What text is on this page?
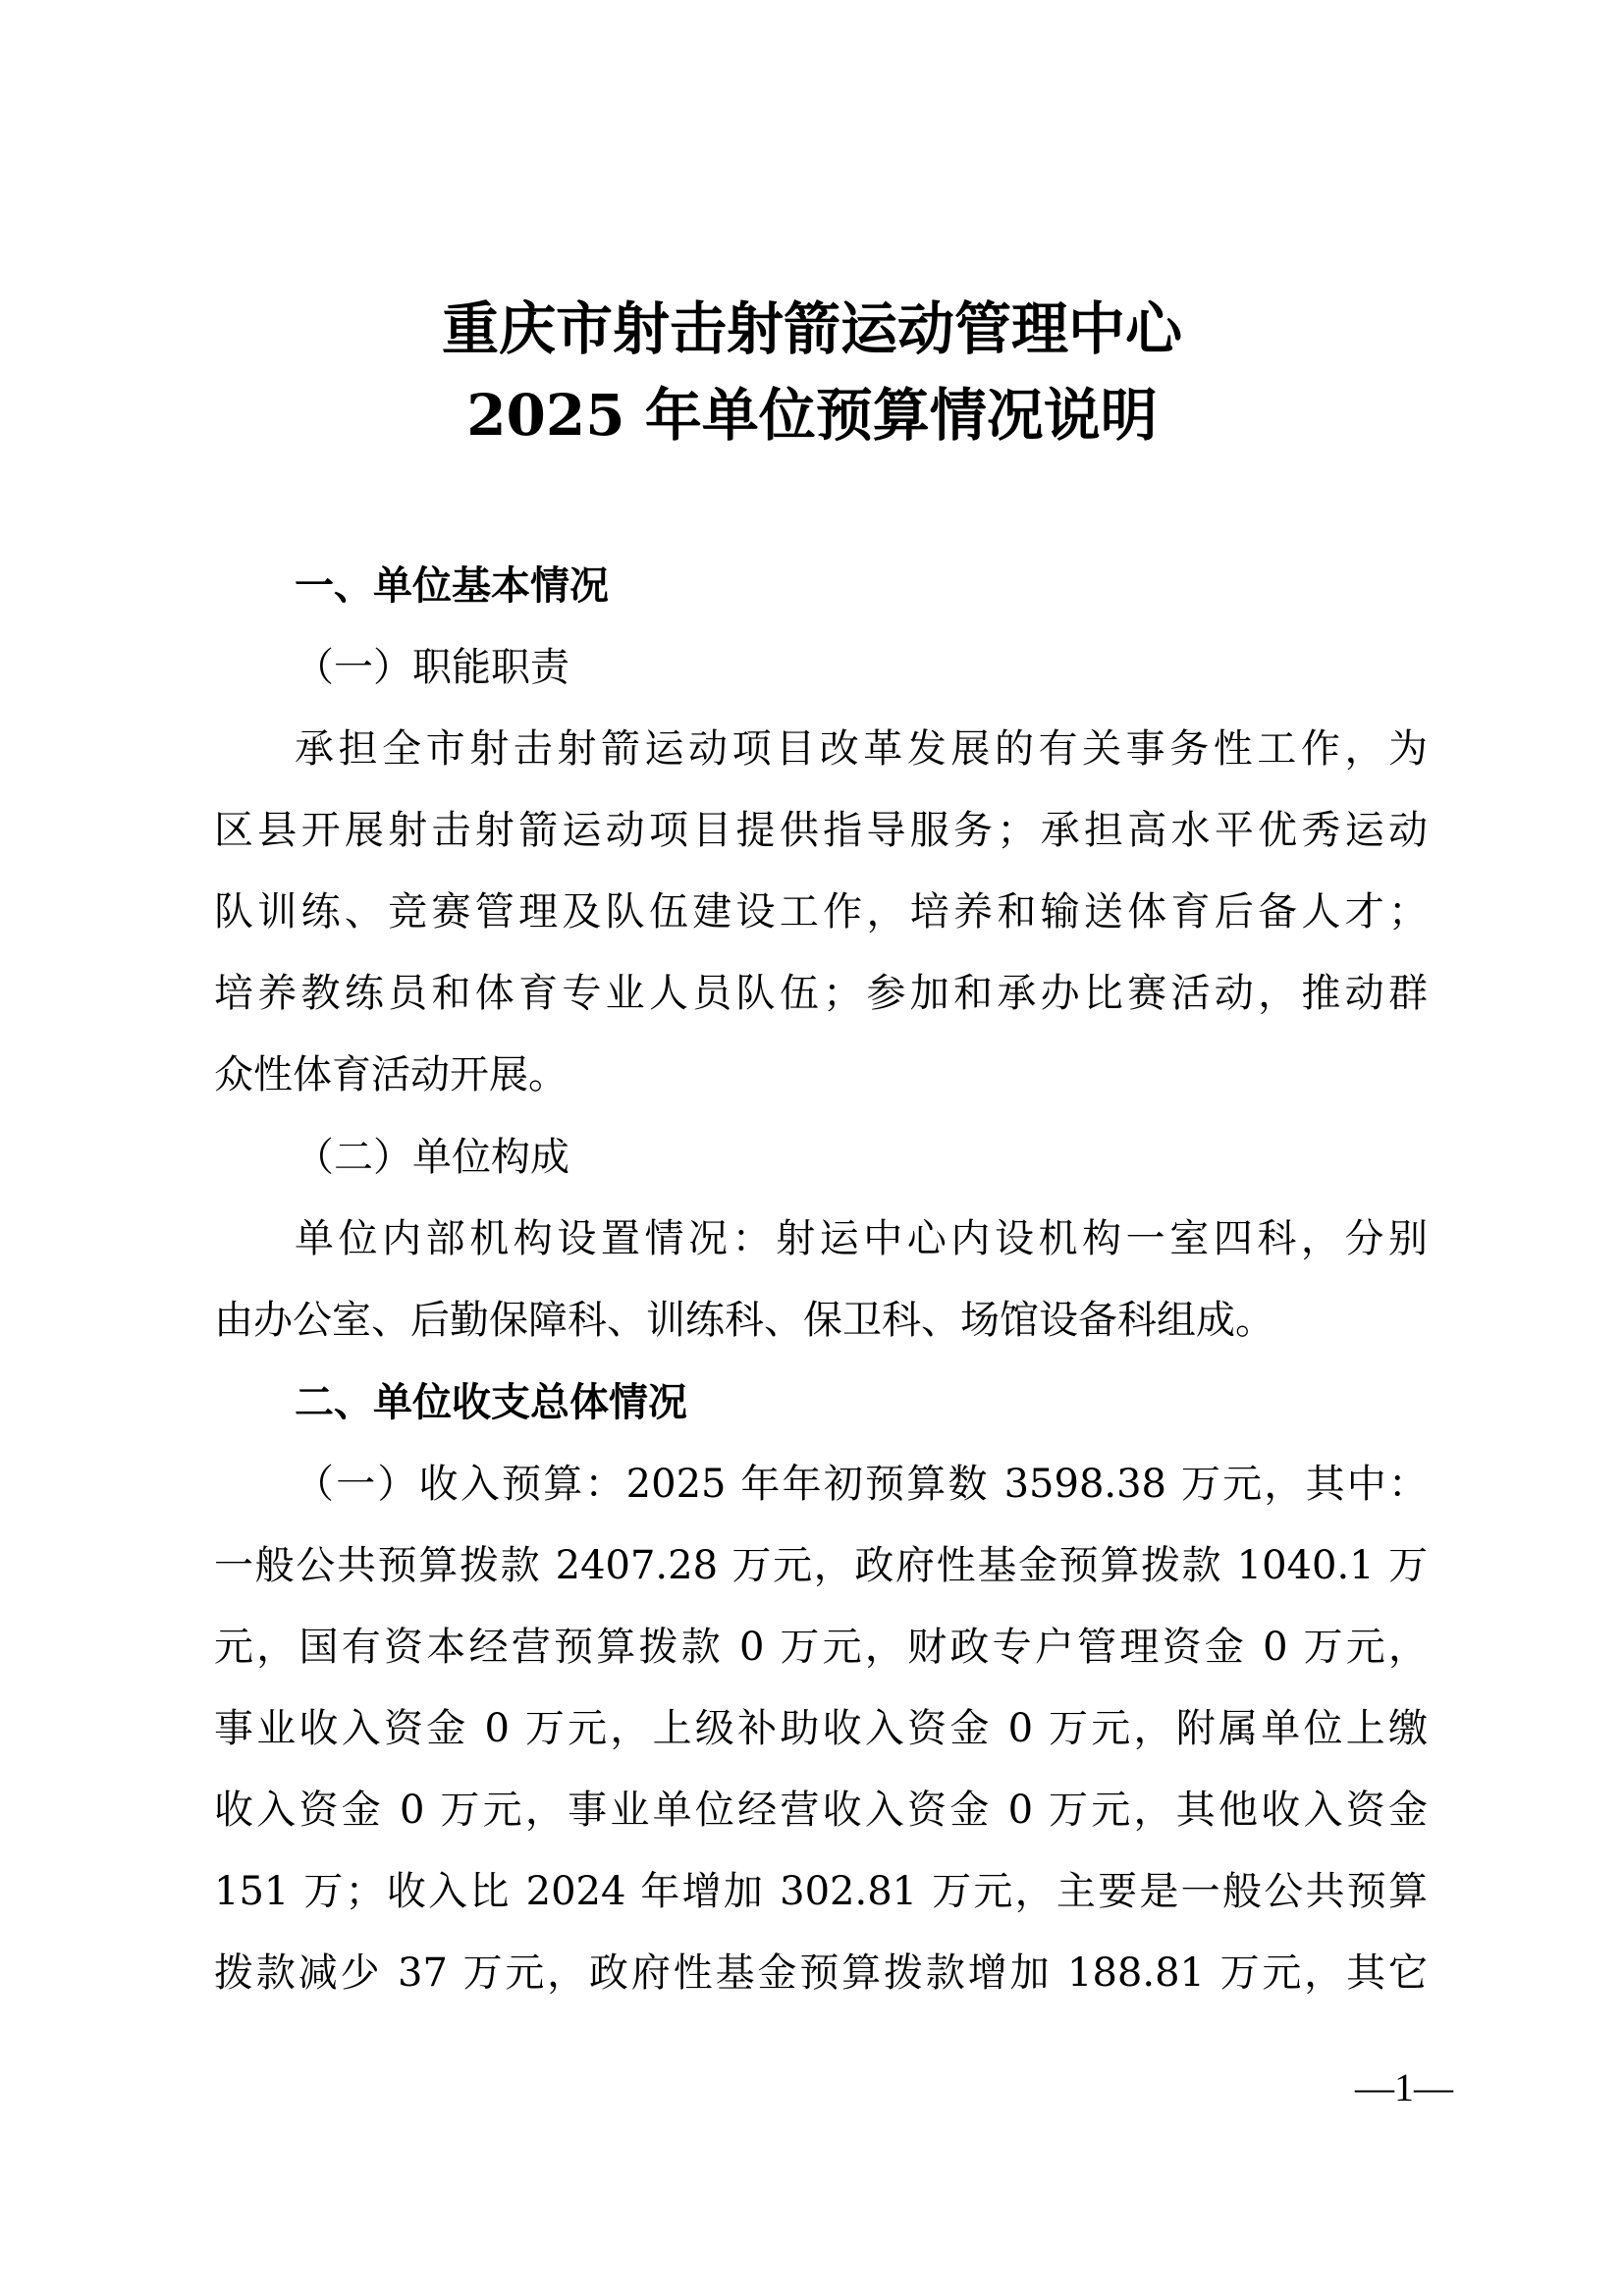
重庆市射击射箭运动管理中心
2025 年单位预算情况说明
一、单位基本情况
（一）职能职责
承担全市射击射箭运动项目改革发展的有关事务性工作，为
区县开展射击射箭运动项目提供指导服务；承担高水平优秀运动
队训练、竞赛管理及队伍建设工作，培养和输送体育后备人才；
培养教练员和体育专业人员队伍；参加和承办比赛活动，推动群
众性体育活动开展。
（二）单位构成
单位内部机构设置情况：射运中心内设机构一室四科，分别
由办公室、后勤保障科、训练科、保卫科、场馆设备科组成。
二、单位收支总体情况
（一）收入预算：2025 年年初预算数 3598.38 万元，其中：
一般公共预算拨款 2407.28 万元，政府性基金预算拨款 1040.1 万
元，国有资本经营预算拨款 0 万元，财政专户管理资金 0 万元，
事业收入资金 0 万元，上级补助收入资金 0 万元，附属单位上缴
收入资金 0 万元，事业单位经营收入资金 0 万元，其他收入资金
151 万；收入比 2024 年增加 302.81 万元，主要是一般公共预算
拨款减少 37 万元，政府性基金预算拨款增加 188.81 万元，其它
—1—
